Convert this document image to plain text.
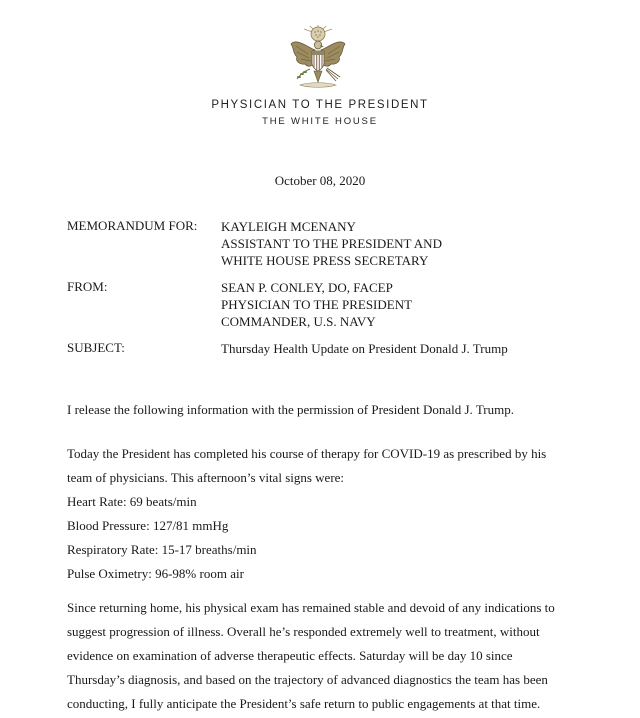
PHYSICIAN TO THE PRESIDENT
THE WHITE HOUSE
October 08, 2020
MEMORANDUM FOR: KAYLEIGH MCENANY
ASSISTANT TO THE PRESIDENT AND
WHITE HOUSE PRESS SECRETARY
FROM:	SEAN P. CONLEY, DO, FACEP
PHYSICIAN TO THE PRESIDENT
COMMANDER, U.S. NAVY
SUBJECT:	Thursday Health Update on President Donald J. Trump
I release the following information with the permission of President Donald J. Trump.
Today the President has completed his course of therapy for COVID-19 as prescribed by his
team of physicians. This afternoon’s vital signs were:
Heart Rate: 69 beats/min
Blood Pressure: 127/81 mmHg
Respiratory Rate: 15-17 breaths/min
Pulse Oximetry: 96-98% room air
Since returning home, his physical exam has remained stable and devoid of any indications to
suggest progression of illness. Overall he’s responded extremely well to treatment, without
evidence on examination of adverse therapeutic effects. Saturday will be day 10 since
Thursday’s diagnosis, and based on the trajectory of advanced diagnostics the team has been
conducting, I fully anticipate the President’s safe return to public engagements at that time.
